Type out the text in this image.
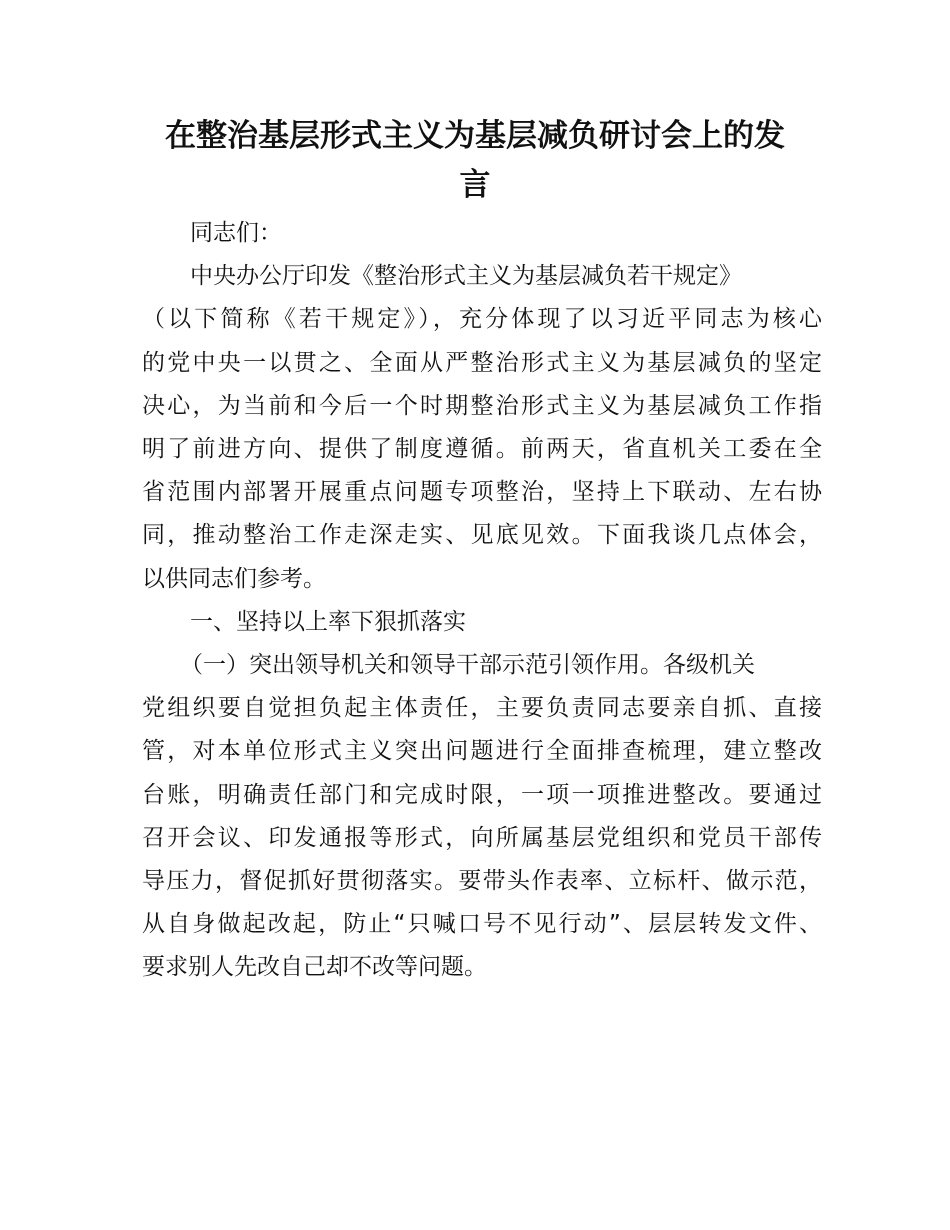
在整治基层形式主义为基层减负研讨会上的发
言

同志们：

中央办公厅印发《整治形式主义为基层减负若干规定》
（以下简称《若干规定》），充分体现了以习近平同志为核心
的党中央一以贯之、全面从严整治形式主义为基层减负的坚定
决心，为当前和今后一个时期整治形式主义为基层减负工作指
明了前进方向、提供了制度遵循。前两天，省直机关工委在全
省范围内部署开展重点问题专项整治，坚持上下联动、左右协
同，推动整治工作走深走实、见底见效。下面我谈几点体会，
以供同志们参考。

一、坚持以上率下狠抓落实

（一）突出领导机关和领导干部示范引领作用。各级机关
党组织要自觉担负起主体责任，主要负责同志要亲自抓、直接
管，对本单位形式主义突出问题进行全面排查梳理，建立整改
台账，明确责任部门和完成时限，一项一项推进整改。要通过
召开会议、印发通报等形式，向所属基层党组织和党员干部传
导压力，督促抓好贯彻落实。要带头作表率、立标杆、做示范，
从自身做起改起，防止“只喊口号不见行动”、层层转发文件、
要求别人先改自己却不改等问题。
